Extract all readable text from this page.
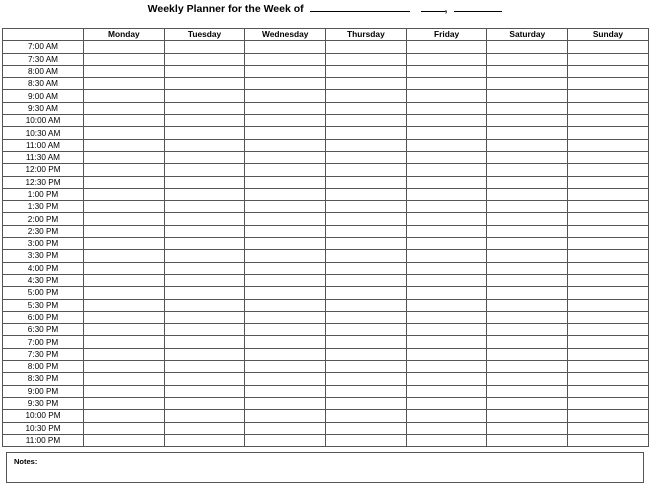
Weekly Planner for the Week of	,
	Monday	Tuesday	Wednesday	Thursday	Friday	Saturday	Sunday
7:00 AM							
7:30 AM							
8:00 AM							
8:30 AM							
9:00 AM							
9:30 AM							
10:00 AM							
10:30 AM							
11:00 AM							
11:30 AM							
12:00 PM							
12:30 PM							
1:00 PM							
1:30 PM							
2:00 PM							
2:30 PM							
3:00 PM							
3:30 PM							
4:00 PM							
4:30 PM							
5:00 PM							
5:30 PM							
6:00 PM							
6:30 PM							
7:00 PM							
7:30 PM							
8:00 PM							
8:30 PM							
9:00 PM							
9:30 PM							
10:00 PM							
10:30 PM							
11:00 PM							
Notes:
